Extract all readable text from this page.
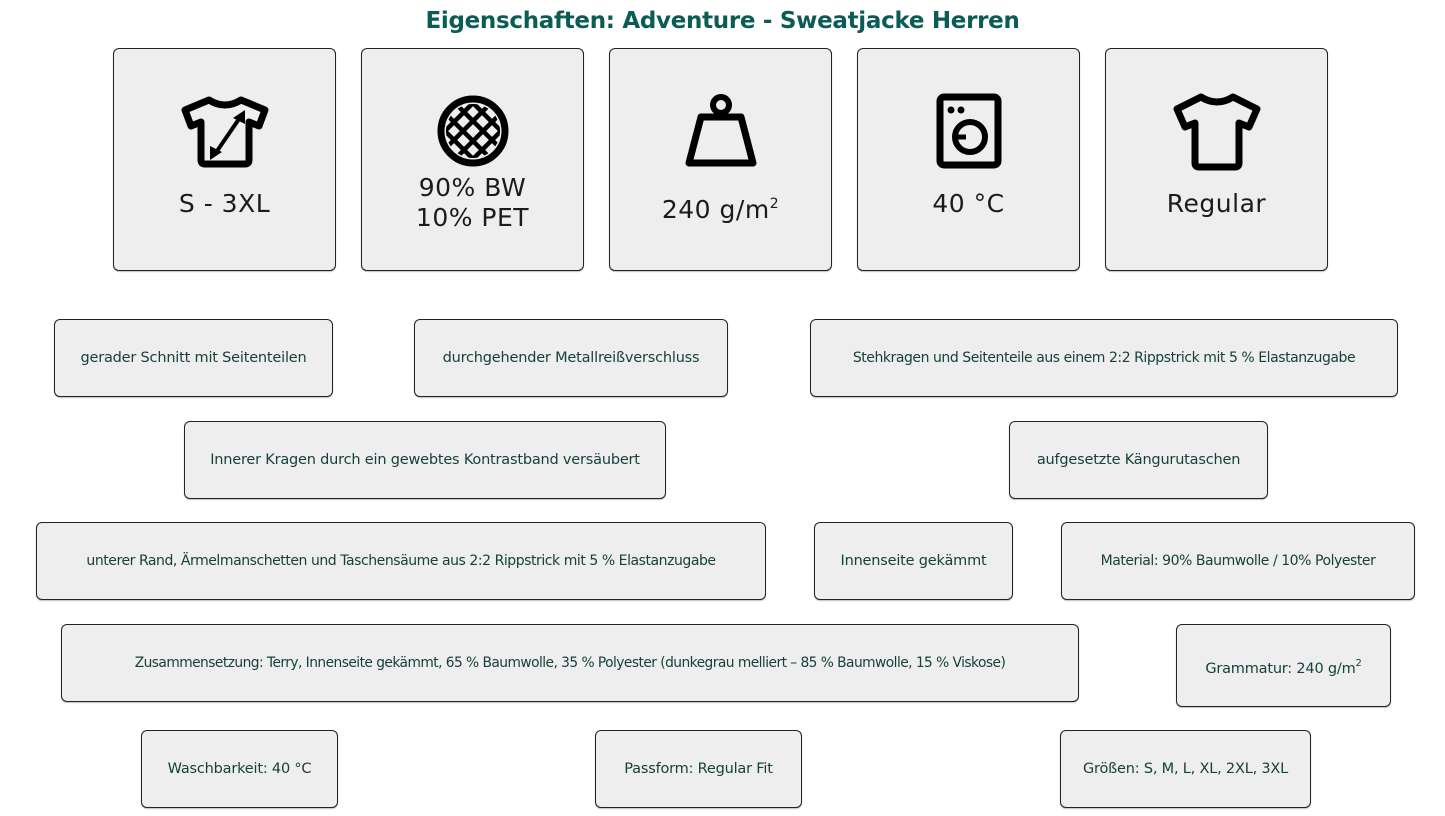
Eigenschaften: Adventure - Sweatjacke Herren
S - 3XL
90% BW
10% PET	240 $g/m^2$	40 °C	Regular
gerader Schnitt mit Seitenteilen	durchgehender Metallreißverschluss	Stehkragen und Seitenteile aus einem 2:2 Rippstrick mit 5 % Elastanzugabe
Innerer Kragen durch ein gewebtes Kontrastband versäubert	aufgesetzte Kängurutaschen
unterer Rand, Ärmelmanschetten und Taschensäume aus 2:2 Rippstrick mit 5 % Elastanzugabe	Innenseite gekämmt	Material: 90% Baumwolle / 10% Polyester
Zusammensetzung: Terry, Innenseite gekämmt, 65 % Baumwolle, 35 % Polyester (dunkegrau melliert – 85 % Baumwolle, 15 % Viskose)	Grammatur: 240 $g/m^2$
Waschbarkeit: 40 °C	Passform: Regular Fit	Größen: S, M, L, XL, 2XL, 3XL
